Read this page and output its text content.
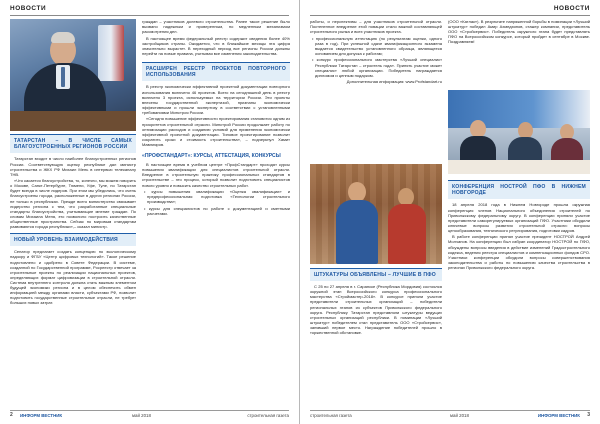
НОВОСТИ
ТАТАРСТАН – В ЧИСЛЕ САМЫХ БЛАГОУСТРОЕННЫХ РЕГИОНОВ РОССИИ

Татарстан входит в число наиболее благоустроенных регионов России. Соответствующую оценку республике дал министр строительства и ЖКХ РФ Михаил Мень в интервью телеканалу ТНВ.

«Что касается благоустройства, то, конечно, мы можем говорить о Москве, Санкт-Петербурге, Тюмени, Уфе, Туле, но Татарстан будет всегда в числе лидеров. При этом мы убедились, что очень благоустроены города, расположенные в других регионах России, не только в республиках. Прежде всего министерство связывает лидерство региона с тем, что разработанные специальные стандарты благоустройства, учитывающие мнение граждан. По словам Михаила Меня, это позволило построить качественные общественные пространства. Сейчас по мировым стандартам развиваются города республики»,– сказал министр.

НОВЫЙ УРОВЕНЬ ВЗАИМОДЕЙСТВИЯ

Сенатор предлагает создать концепцию по экологическому надзору и ФГБУ «Центр цифровых технологий». Такое решение подготовлено и одобрено в Совете Федерации. В системе, созданной по Государственной программе, Росреестр отвечает за строительные проекты по реализации национальных проектов, определяющих формат цифровизации в строительной отрасли. Система внутреннего контроля должна стать важным элементом будущей экономики региона и в целом обеспечить обмен информацией между органами власти, субъектами РФ, позволит подготовить государственные строительные отрасли, не требует больших новых затрат.

граждан – участников долевого строительства. Ранее такое решение было вызвано надежным и проверенным, но медленным механизмом рассмотрения дел.

В настоящее время федеральный реестр содержит сведения более 40% застройщиков страны. Ожидается, что в ближайшие месяцы эта цифра значительно вырастет. В переходный период все регионы России должны перейти на новые правила, учитывая все изменения законодательства.

РАСШИРЕН РЕЕСТР ПРОЕКТОВ ПОВТОРНОГО ИСПОЛЬЗОВАНИЯ

В реестр экономически эффективной проектной документации повторного использования включено 46 проектов. Всего на сегодняшний день в реестр включено 3 проекта, используемых на территории России. Эти проекты внесены государственной экспертизой, признаны экономически эффективными и прошли экспертизу в соответствии с установленными требованиями Минстроя России.

«Сегодня повышение эффективности проектирования становится одним из приоритетов строительной отрасли. Минстрой России продолжает работу по оптимизации расходов и созданию условий для применения экономически эффективной проектной документации. Типовое проектирование позволит сократить сроки и стоимость строительства», – подчеркнул Хамит Мавлияров.

«ПРОФСТАНДАРТ»: КУРСЫ, АТТЕСТАЦИЯ, КОНКУРСЫ

В настоящее время в учебном центре «ПрофСтандарт» проходят курсы повышения квалификации для специалистов строительной отрасли. Внедрение в строительную практику профессиональных стандартов в строительстве – это процесс, который позволит подготовить специалистов нового уровня и повысить качество строительных работ.

• курсы повышения квалификации «Оценка квалификации» и предпрофессиональная подготовка «Технологии строительного производства»;

• курсы для специалистов по работе с документацией и сметными расчетами.

2 ИНФОРМ ВЕСТНИК	май 2018	строительная газета
НОВОСТИ

работы, и перспективы – для участников строительной отрасли. Постепенное внедрение этой новации стало важной составляющей строительного рынка и всех участников проекта.

• профессиональную аттестацию (по результатам оценки, одного раза в год). При успешной сдаче квалификационного экзамена выдается свидетельство установленного образца, являющееся основанием для допуска к работам;

• конкурс профессионального мастерства «Лучший специалист Республики Татарстан – строитель года». Принять участие может специалист любой организации. Победитель награждается дипломом и ценным подарком.

Дополнительная информация: www.Profstandart.ru

ШТУКАТУРЫ ОБЪЯВЛЕНЫ – ЛУЧШИЕ В ПФО

С 25 по 27 апреля в г. Саранске (Республика Мордовия) состоялся окружной этап Всероссийского конкурса профессионального мастерства «Строймастер-2018». В конкурсе приняли участие представители строительных организаций – победители региональных этапов из субъектов Приволжского федерального округа. Республику Татарстан представляли штукатуры ведущих строительных организаций республики. В номинации «Лучший штукатур» победителем стал представитель ООО «Стройсервис», занявший первое место. Награждение победителей прошло в торжественной обстановке.

(ООО «Катлак»). В результате напряженной борьбы в номинации «Лучший штукатур» победил Амир Ахмедзянов, стажер компании, представитель ООО «Стройсервис». Победитель окружного этапа будет представлять ПФО на Всероссийском конкурсе, который пройдет в сентябре в Москве. Поздравляем!

КОНФЕРЕНЦИЯ НОСТРОЙ ПФО В НИЖНЕМ НОВГОРОДЕ

18 апреля 2018 года в Нижнем Новгороде прошла окружная конференция членов Национального объединения строителей по Приволжскому федеральному округу. В конференции приняли участие представители саморегулируемых организаций ПФО. Участники обсудили ключевые вопросы развития строительной отрасли: вопросы ценообразования, технического регулирования, подготовки кадров.

В работе конференции принял участие президент НОСТРОЙ Андрей Молчанов. На конференции был избран координатор НОСТРОЙ по ПФО, обсуждены вопросы введения в действие изменений Градостроительного кодекса, ведения реестра специалистов и компенсационных фондов СРО. Участники конференции обсудили вопросы совершенствования законодательства и работы по повышению качества строительства в регионах Приволжского федерального округа.

строительная газета	май 2018	ИНФОРМ ВЕСТНИК 3
